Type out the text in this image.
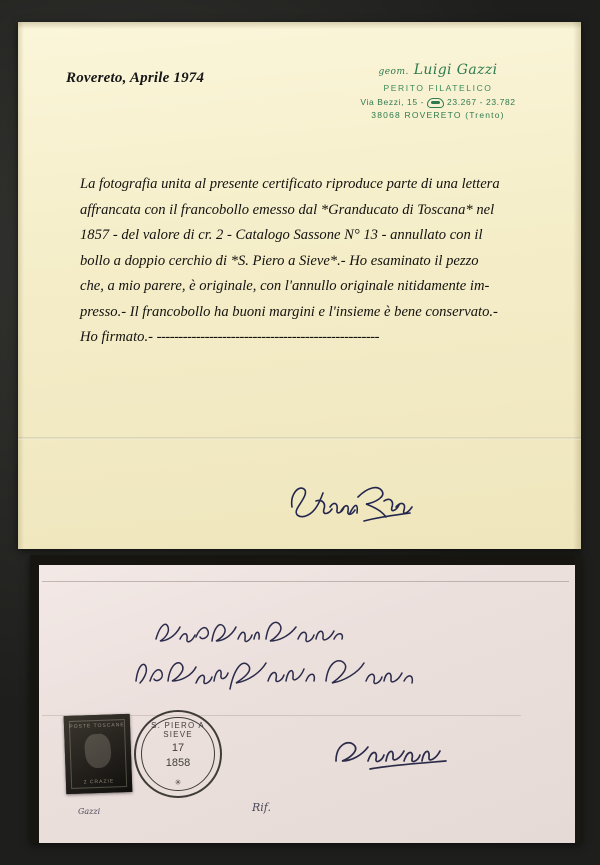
Rovereto, Aprile 1974	geom. Luigi Gazzi
PERITO FILATELICO
Via Bezzi, 15 -	23.267 - 23.782
38068 ROVERETO (Trento)

La fotografia unita al presente certificato riproduce parte di una lettera

affrancata con il francobollo emesso dal *Granducato di Toscana* nel

1857 - del valore di cr. 2 - Catalogo Sassone N° 13 - annullato con il

bollo a doppio cerchio di *S. Piero a Sieve*.- Ho esaminato il pezzo

che, a mio parere, è originale, con l'annullo originale nitidamente im-

presso.- Il francobollo ha buoni margini e l'insieme è bene conservato.-

Ho firmato.- ---------------------------------------------------

POSTE TOSCANE
2 CRAZIE
S. PIERO A SIEVE
17
1858
✳
Gazzi	Rif.
